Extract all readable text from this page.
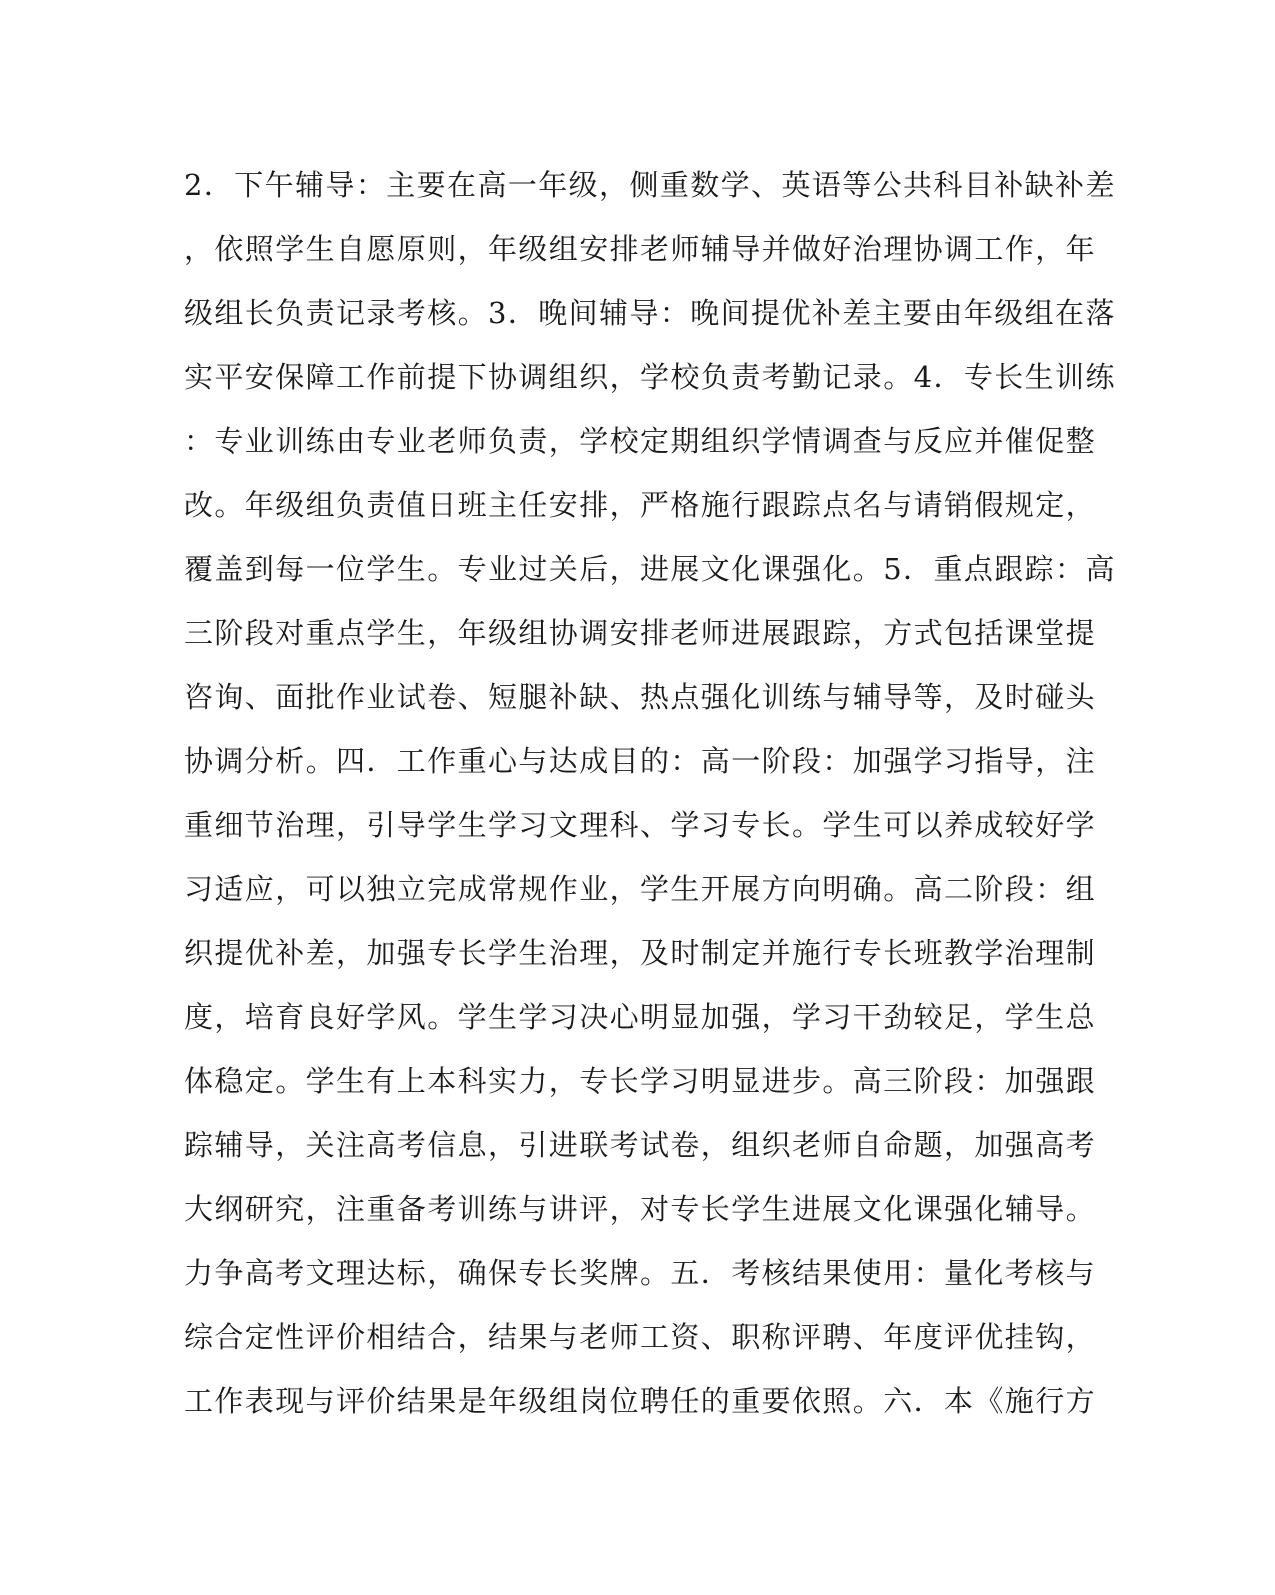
2．下午辅导：主要在高一年级，侧重数学、英语等公共科目补缺补差
，依照学生自愿原则，年级组安排老师辅导并做好治理协调工作，年
级组长负责记录考核。3．晚间辅导：晚间提优补差主要由年级组在落
实平安保障工作前提下协调组织，学校负责考勤记录。4．专长生训练
：专业训练由专业老师负责，学校定期组织学情调查与反应并催促整
改。年级组负责值日班主任安排，严格施行跟踪点名与请销假规定，
覆盖到每一位学生。专业过关后，进展文化课强化。5．重点跟踪：高
三阶段对重点学生，年级组协调安排老师进展跟踪，方式包括课堂提
咨询、面批作业试卷、短腿补缺、热点强化训练与辅导等，及时碰头
协调分析。四．工作重心与达成目的：高一阶段：加强学习指导，注
重细节治理，引导学生学习文理科、学习专长。学生可以养成较好学
习适应，可以独立完成常规作业，学生开展方向明确。高二阶段：组
织提优补差，加强专长学生治理，及时制定并施行专长班教学治理制
度，培育良好学风。学生学习决心明显加强，学习干劲较足，学生总
体稳定。学生有上本科实力，专长学习明显进步。高三阶段：加强跟
踪辅导，关注高考信息，引进联考试卷，组织老师自命题，加强高考
大纲研究，注重备考训练与讲评，对专长学生进展文化课强化辅导。
力争高考文理达标，确保专长奖牌。五．考核结果使用：量化考核与
综合定性评价相结合，结果与老师工资、职称评聘、年度评优挂钩，
工作表现与评价结果是年级组岗位聘任的重要依照。六．本《施行方
